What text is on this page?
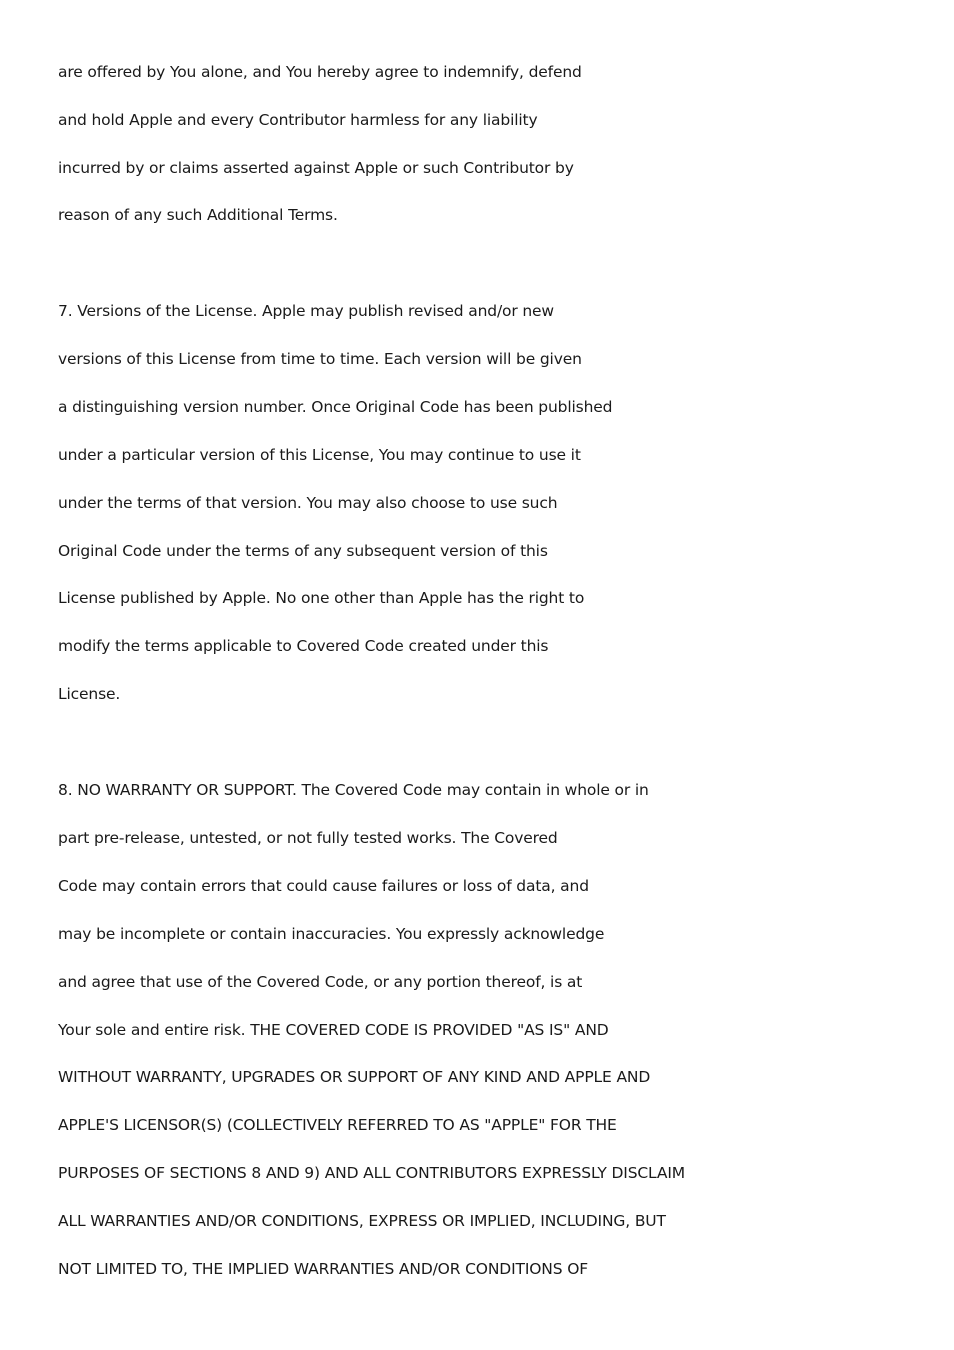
are offered by You alone, and You hereby agree to indemnify, defend
and hold Apple and every Contributor harmless for any liability
incurred by or claims asserted against Apple or such Contributor by
reason of any such Additional Terms.
7. Versions of the License. Apple may publish revised and/or new
versions of this License from time to time. Each version will be given
a distinguishing version number. Once Original Code has been published
under a particular version of this License, You may continue to use it
under the terms of that version. You may also choose to use such
Original Code under the terms of any subsequent version of this
License published by Apple. No one other than Apple has the right to
modify the terms applicable to Covered Code created under this
License.
8. NO WARRANTY OR SUPPORT. The Covered Code may contain in whole or in
part pre-release, untested, or not fully tested works. The Covered
Code may contain errors that could cause failures or loss of data, and
may be incomplete or contain inaccuracies. You expressly acknowledge
and agree that use of the Covered Code, or any portion thereof, is at
Your sole and entire risk. THE COVERED CODE IS PROVIDED "AS IS" AND
WITHOUT WARRANTY, UPGRADES OR SUPPORT OF ANY KIND AND APPLE AND
APPLE'S LICENSOR(S) (COLLECTIVELY REFERRED TO AS "APPLE" FOR THE
PURPOSES OF SECTIONS 8 AND 9) AND ALL CONTRIBUTORS EXPRESSLY DISCLAIM
ALL WARRANTIES AND/OR CONDITIONS, EXPRESS OR IMPLIED, INCLUDING, BUT
NOT LIMITED TO, THE IMPLIED WARRANTIES AND/OR CONDITIONS OF
